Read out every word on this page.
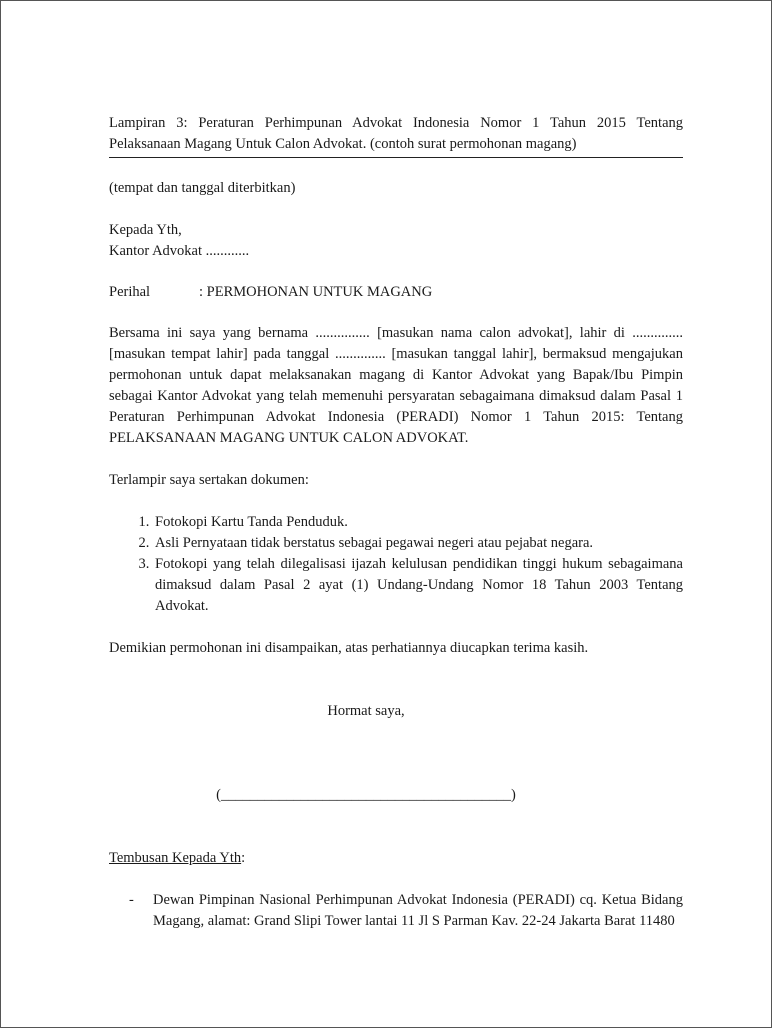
Lampiran 3: Peraturan Perhimpunan Advokat Indonesia Nomor 1 Tahun 2015 Tentang Pelaksanaan Magang Untuk Calon Advokat. (contoh surat permohonan magang)
(tempat dan tanggal diterbitkan)
Kepada Yth,
Kantor Advokat ............
Perihal	: PERMOHONAN UNTUK MAGANG
Bersama ini saya yang bernama ............... [masukan nama calon advokat], lahir di .............. [masukan tempat lahir] pada tanggal .............. [masukan tanggal lahir], bermaksud mengajukan permohonan untuk dapat melaksanakan magang di Kantor Advokat yang Bapak/Ibu Pimpin sebagai Kantor Advokat yang telah memenuhi persyaratan sebagaimana dimaksud dalam Pasal 1 Peraturan Perhimpunan Advokat Indonesia (PERADI) Nomor 1 Tahun 2015: Tentang PELAKSANAAN MAGANG UNTUK CALON ADVOKAT.
Terlampir saya sertakan dokumen:
1. Fotokopi Kartu Tanda Penduduk.
2. Asli Pernyataan tidak berstatus sebagai pegawai negeri atau pejabat negara.
3. Fotokopi yang telah dilegalisasi ijazah kelulusan pendidikan tinggi hukum sebagaimana dimaksud dalam Pasal 2 ayat (1) Undang-Undang Nomor 18 Tahun 2003 Tentang Advokat.
Demikian permohonan ini disampaikan, atas perhatiannya diucapkan terima kasih.
Hormat saya,
(________________________________________)
Tembusan Kepada Yth:
-	Dewan Pimpinan Nasional Perhimpunan Advokat Indonesia (PERADI) cq. Ketua Bidang Magang, alamat: Grand Slipi Tower lantai 11 Jl S Parman Kav. 22-24 Jakarta Barat 11480
